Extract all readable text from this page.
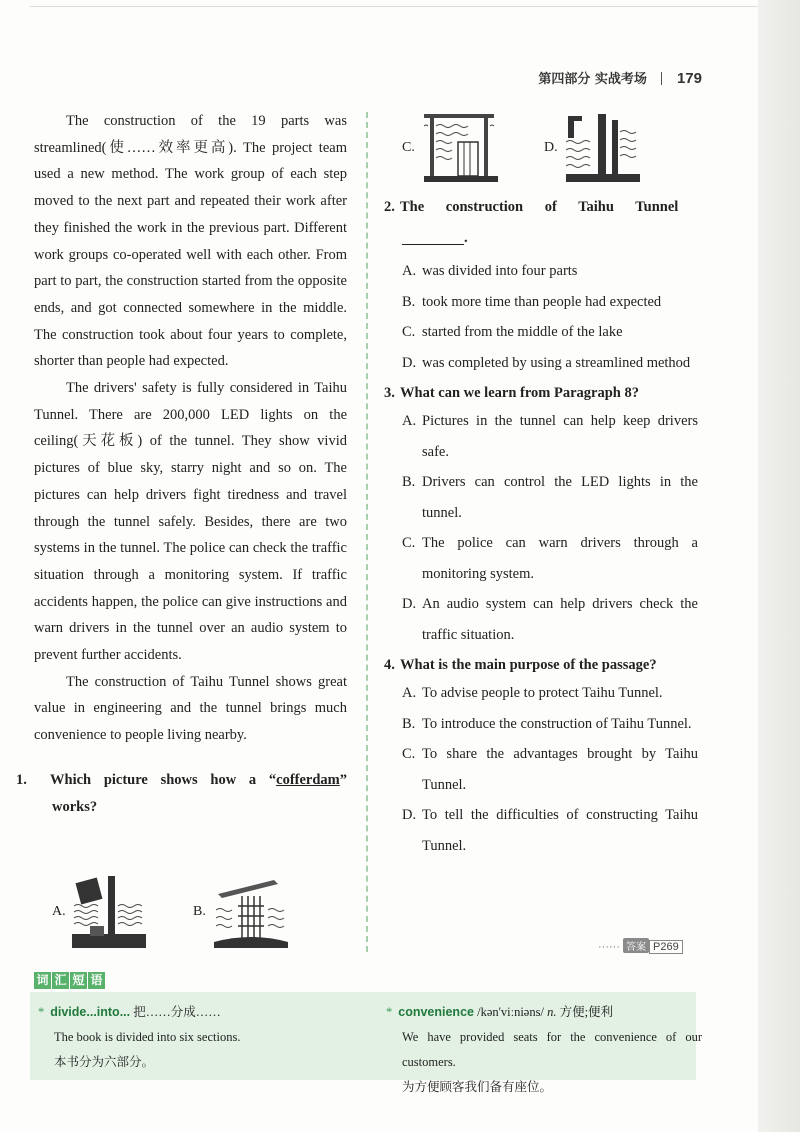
第四部分 实战考场 179

The construction of the 19 parts was streamlined(使……效率更高). The project team used a new method. The work group of each step moved to the next part and repeated their work after they finished the work in the previous part. Different work groups co-operated well with each other. From part to part, the construction started from the opposite ends, and got connected somewhere in the middle. The construction took about four years to complete, shorter than people had expected.

The drivers' safety is fully considered in Taihu Tunnel. There are 200,000 LED lights on the ceiling(天花板) of the tunnel. They show vivid pictures of blue sky, starry night and so on. The pictures can help drivers fight tiredness and travel through the tunnel safely. Besides, there are two systems in the tunnel. The police can check the traffic situation through a monitoring system. If traffic accidents happen, the police can give instructions and warn drivers in the tunnel over an audio system to prevent further accidents.

The construction of Taihu Tunnel shows great value in engineering and the tunnel brings much convenience to people living nearby.

1. Which picture shows how a “cofferdam” works?

A.	B.
C.	D.

2. The construction of Taihu Tunnel

.

A. was divided into four parts
B. took more time than people had expected
C. started from the middle of the lake
D. was completed by using a streamlined method

3. What can we learn from Paragraph 8?

A. Pictures in the tunnel can help keep drivers safe.
B. Drivers can control the LED lights in the tunnel.
C. The police can warn drivers through a monitoring system.
D. An audio system can help drivers check the traffic situation.

4. What is the main purpose of the passage?

A. To advise people to protect Taihu Tunnel.
B. To introduce the construction of Taihu Tunnel.
C. To share the advantages brought by Taihu Tunnel.
D. To tell the difficulties of constructing Taihu Tunnel.
······ 答案 P269
词 汇 短 语
* divide...into... 把……分成……
The book is divided into six sections.
本书分为六部分。
* convenience /kən'viːniəns/ n. 方便;便利
We have provided seats for the convenience of our customers.
为方便顾客我们备有座位。
